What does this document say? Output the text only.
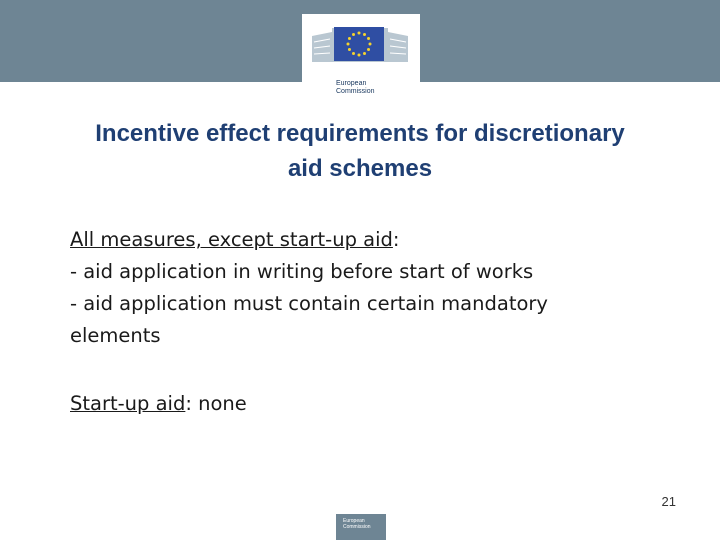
European
Commission
Incentive effect requirements for discretionary
aid schemes
All measures, except start-up aid:
- aid application in writing before start of works
- aid application must contain certain mandatory
elements
Start-up aid: none
21
European Commission
